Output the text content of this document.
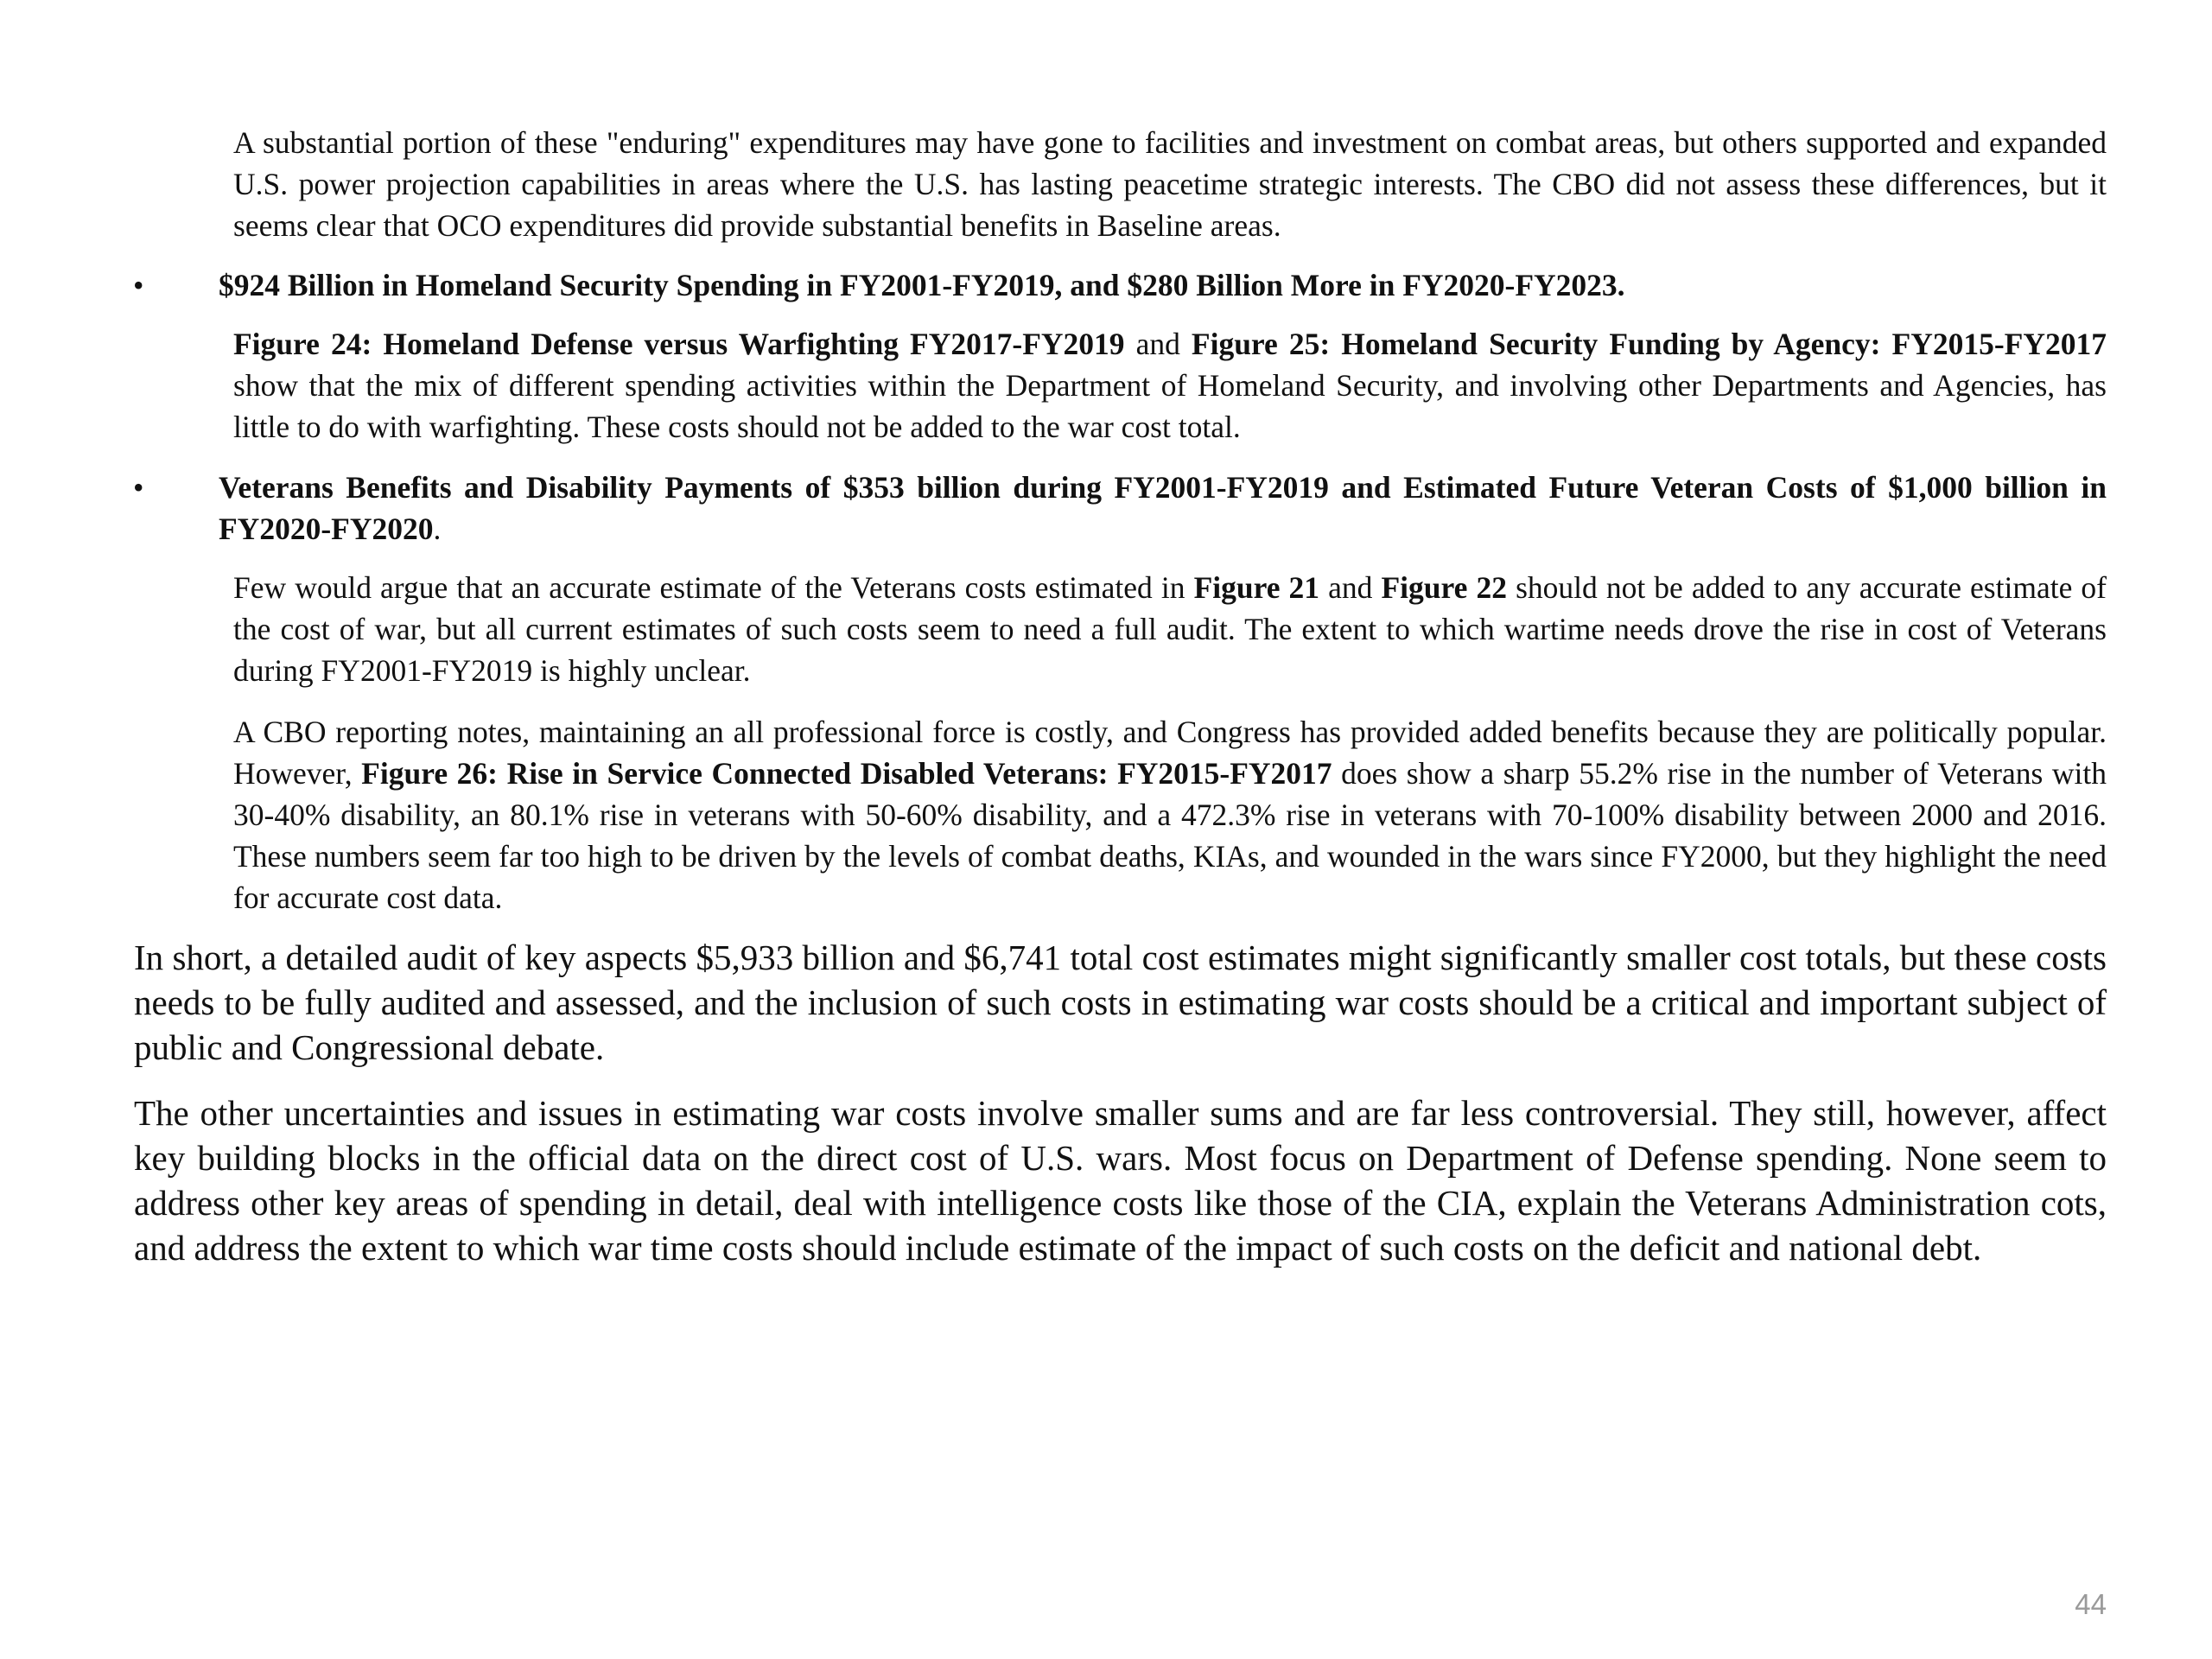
A substantial portion of these "enduring" expenditures may have gone to facilities and investment on combat areas, but others supported and expanded U.S. power projection capabilities in areas where the U.S. has lasting peacetime strategic interests. The CBO did not assess these differences, but it seems clear that OCO expenditures did provide substantial benefits in Baseline areas.

•	$924 Billion in Homeland Security Spending in FY2001-FY2019, and $280 Billion More in FY2020-FY2023.

Figure 24: Homeland Defense versus Warfighting FY2017-FY2019 and Figure 25: Homeland Security Funding by Agency: FY2015-FY2017 show that the mix of different spending activities within the Department of Homeland Security, and involving other Departments and Agencies, has little to do with warfighting. These costs should not be added to the war cost total.

•	Veterans Benefits and Disability Payments of $353 billion during FY2001-FY2019 and Estimated Future Veteran Costs of $1,000 billion in FY2020-FY2020.

Few would argue that an accurate estimate of the Veterans costs estimated in Figure 21 and Figure 22 should not be added to any accurate estimate of the cost of war, but all current estimates of such costs seem to need a full audit. The extent to which wartime needs drove the rise in cost of Veterans during FY2001-FY2019 is highly unclear.

A CBO reporting notes, maintaining an all professional force is costly, and Congress has provided added benefits because they are politically popular. However, Figure 26: Rise in Service Connected Disabled Veterans: FY2015-FY2017 does show a sharp 55.2% rise in the number of Veterans with 30-40% disability, an 80.1% rise in veterans with 50-60% disability, and a 472.3% rise in veterans with 70-100% disability between 2000 and 2016. These numbers seem far too high to be driven by the levels of combat deaths, KIAs, and wounded in the wars since FY2000, but they highlight the need for accurate cost data.

In short, a detailed audit of key aspects $5,933 billion and $6,741 total cost estimates might significantly smaller cost totals, but these costs needs to be fully audited and assessed, and the inclusion of such costs in estimating war costs should be a critical and important subject of public and Congressional debate.

The other uncertainties and issues in estimating war costs involve smaller sums and are far less controversial. They still, however, affect key building blocks in the official data on the direct cost of U.S. wars. Most focus on Department of Defense spending. None seem to address other key areas of spending in detail, deal with intelligence costs like those of the CIA, explain the Veterans Administration cots, and address the extent to which war time costs should include estimate of the impact of such costs on the deficit and national debt.

44
